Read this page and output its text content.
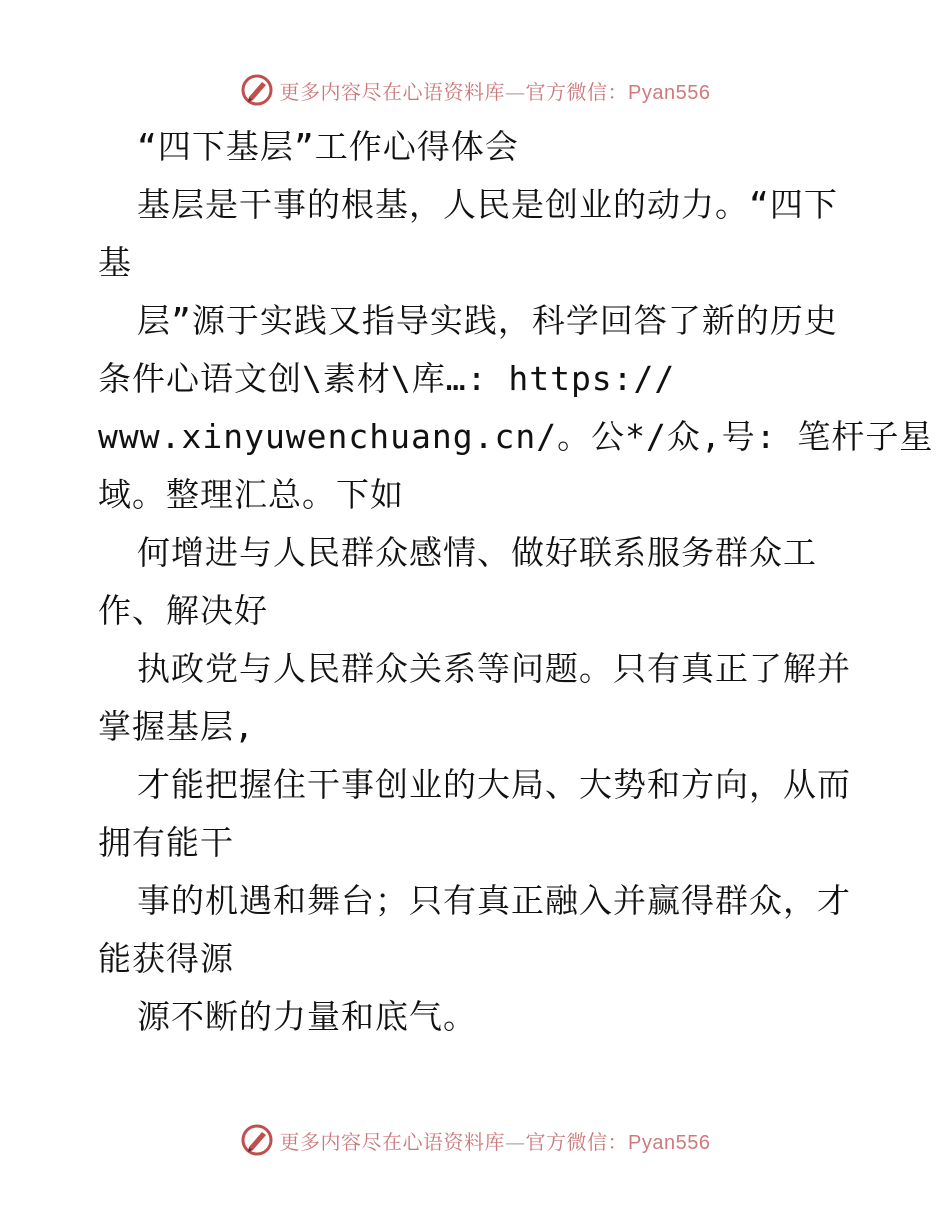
更多内容尽在心语资料库—官方微信：Pyan556
“四下基层”工作心得体会
基层是干事的根基，人民是创业的动力。“四下
基
层”源于实践又指导实践，科学回答了新的历史
条件心语文创\素材\库…: https://
www.xinyuwenchuang.cn/。公*/众,号: 笔杆子星
域。整理汇总。下如
何增进与人民群众感情、做好联系服务群众工
作、解决好
执政党与人民群众关系等问题。只有真正了解并
掌握基层,
才能把握住干事创业的大局、大势和方向，从而
拥有能干
事的机遇和舞台；只有真正融入并赢得群众，才
能获得源
源不断的力量和底气。
更多内容尽在心语资料库—官方微信：Pyan556
